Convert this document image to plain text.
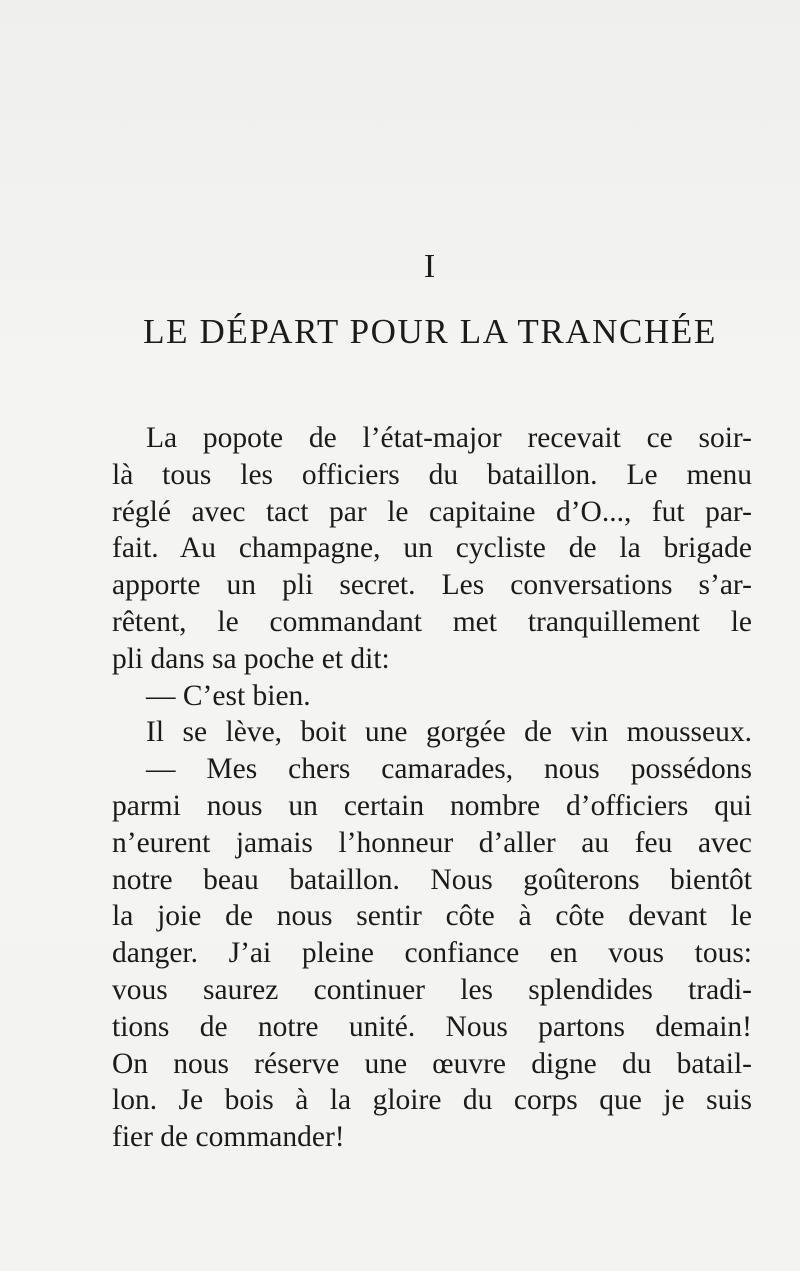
I
LE DÉPART POUR LA TRANCHÉE
La popote de l’état-major recevait ce soir-
là tous les officiers du bataillon. Le menu
réglé avec tact par le capitaine d’O..., fut par-
fait. Au champagne, un cycliste de la brigade
apporte un pli secret. Les conversations s’ar-
rêtent, le commandant met tranquillement le
pli dans sa poche et dit:
— C’est bien.
Il se lève, boit une gorgée de vin mousseux.
— Mes chers camarades, nous possédons
parmi nous un certain nombre d’officiers qui
n’eurent jamais l’honneur d’aller au feu avec
notre beau bataillon. Nous goûterons bientôt
la joie de nous sentir côte à côte devant le
danger. J’ai pleine confiance en vous tous:
vous saurez continuer les splendides tradi-
tions de notre unité. Nous partons demain!
On nous réserve une œuvre digne du batail-
lon. Je bois à la gloire du corps que je suis
fier de commander!
